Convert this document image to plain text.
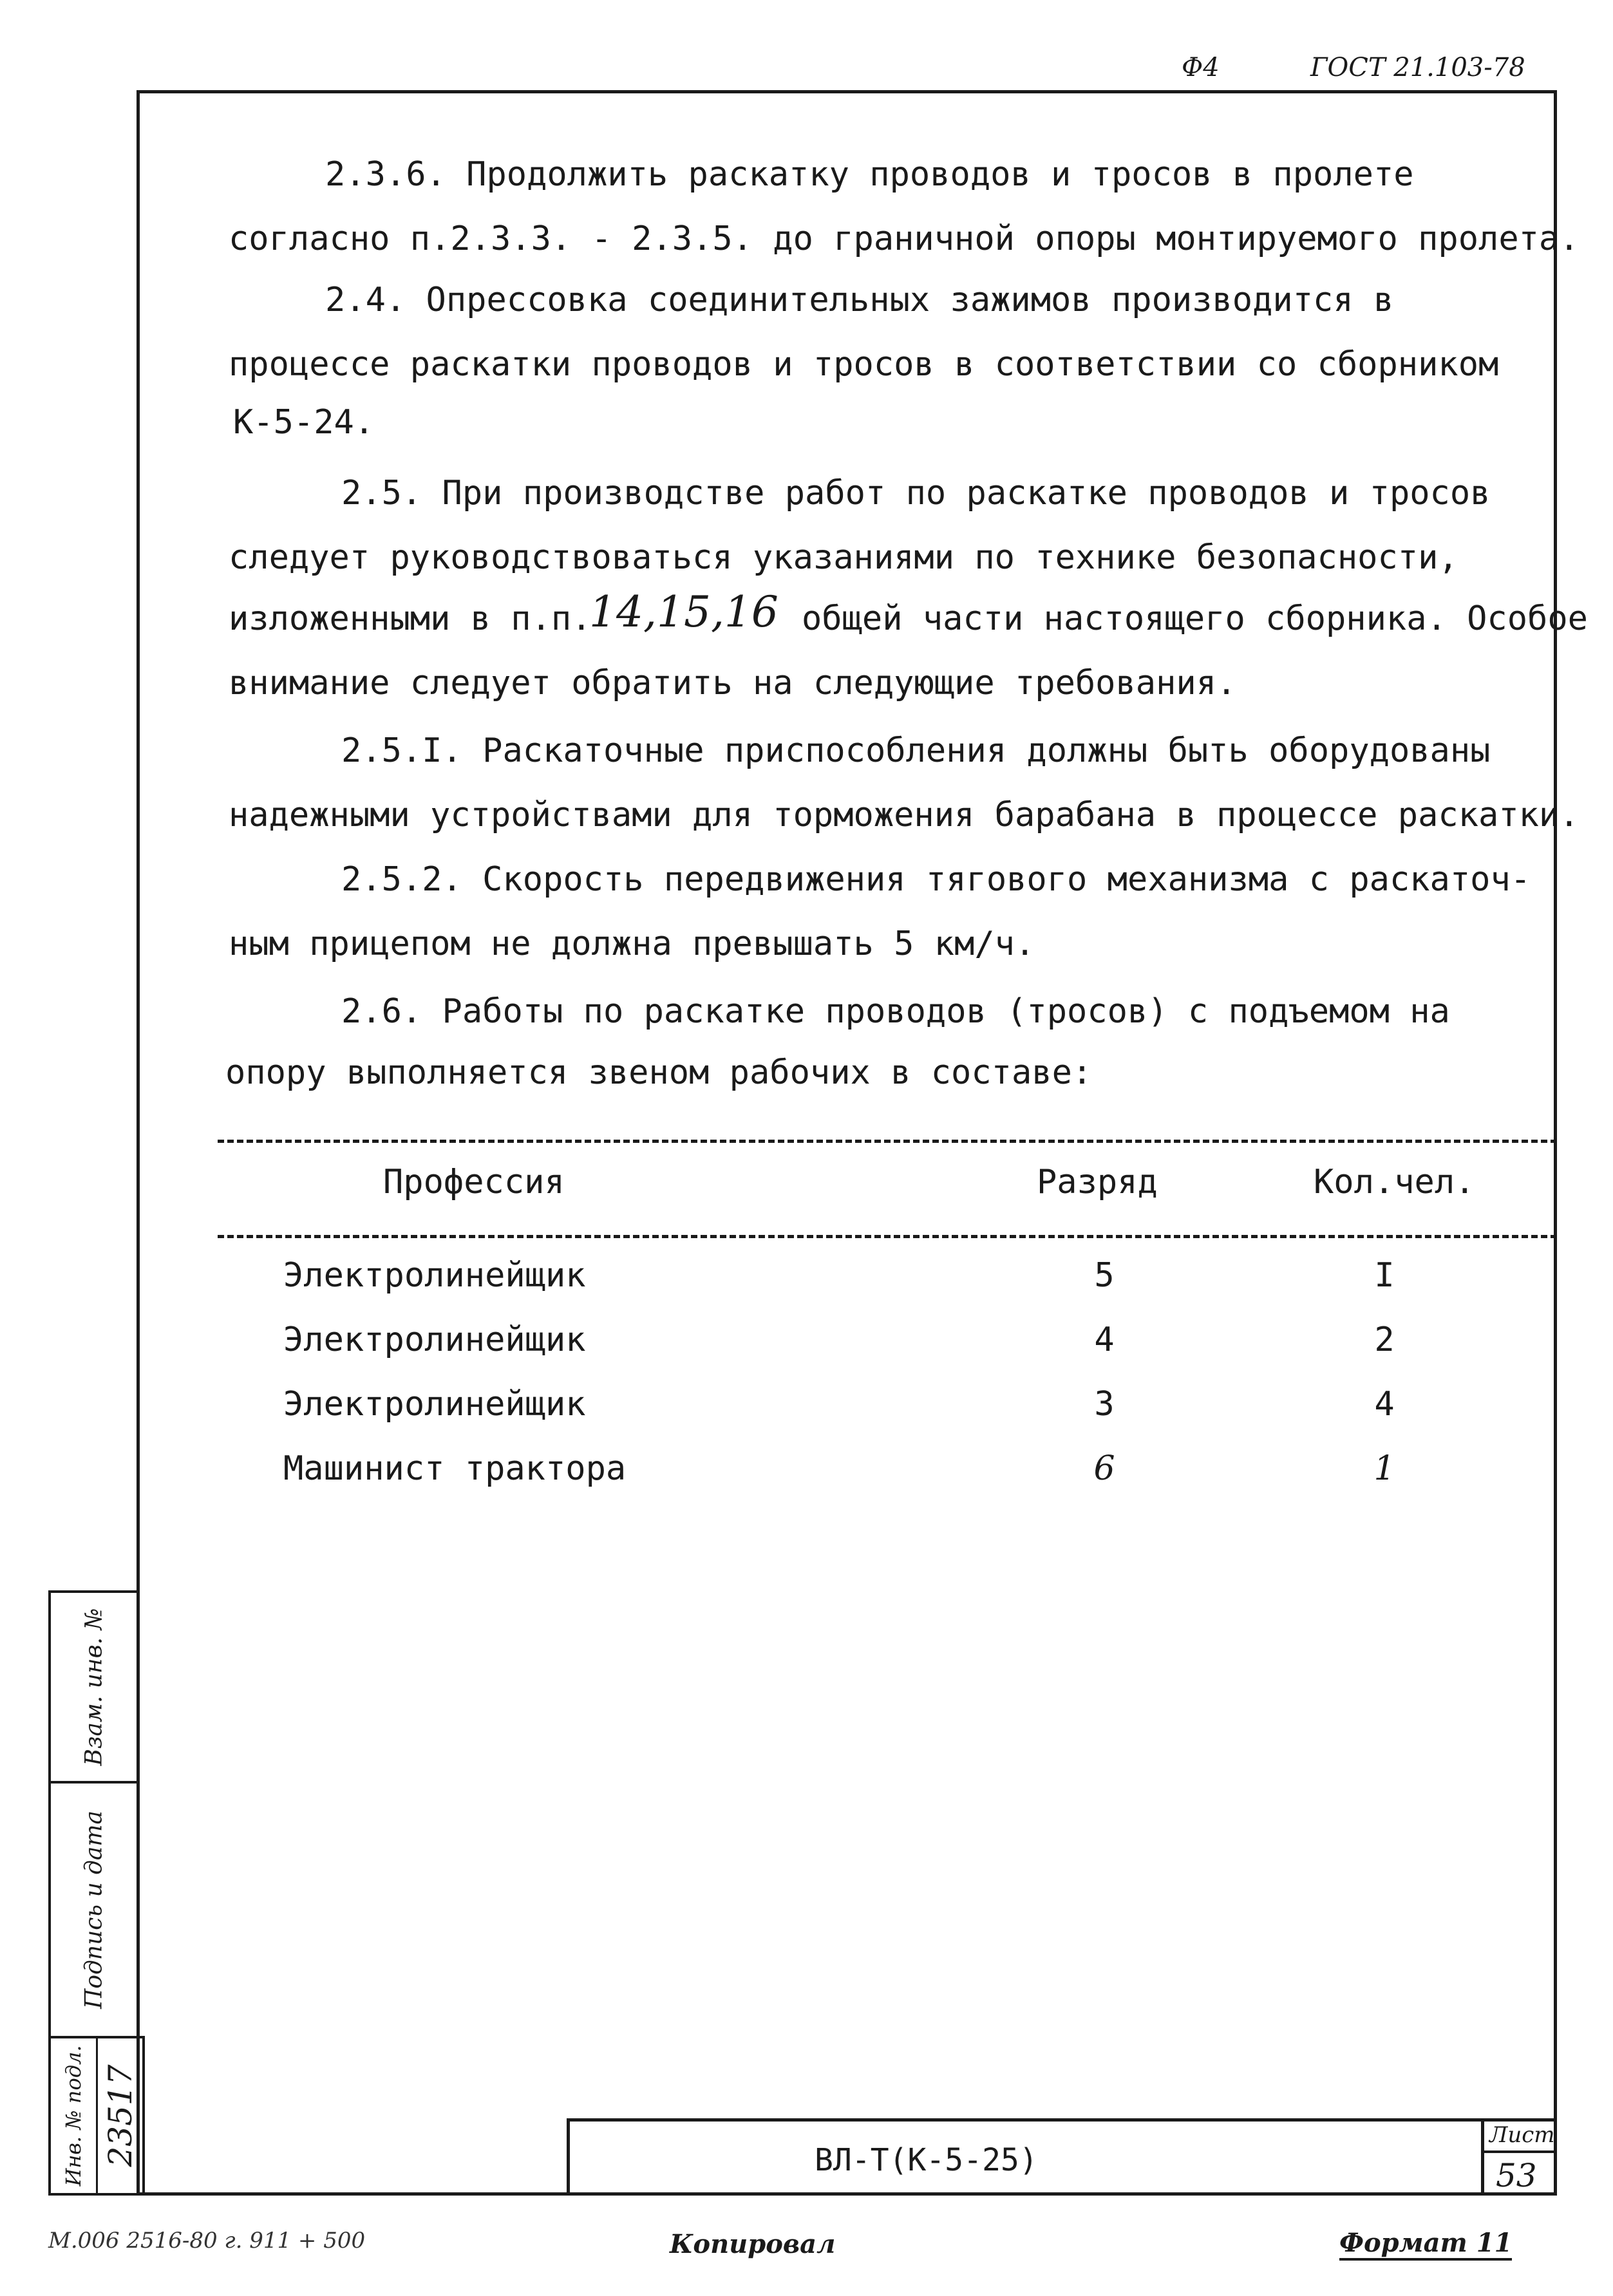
Ф4	ГОСТ 21.103-78
2.3.6. Продолжить раскатку проводов и тросов в пролете
согласно п.2.3.3. - 2.3.5. до граничной опоры монтируемого пролета.
2.4. Опрессовка соединительных зажимов производится в
процессе раскатки проводов и тросов в соответствии со сборником
К-5-24.
2.5. При производстве работ по раскатке проводов и тросов
следует руководствоваться указаниями по технике безопасности,
изложенными в п.п.
14,15,16 общей части настоящего сборника. Особое
внимание следует обратить на следующие требования.
2.5.I. Раскаточные приспособления должны быть оборудованы
надежными устройствами для торможения барабана в процессе раскатки.
2.5.2. Скорость передвижения тягового механизма с раскаточ-
ным прицепом не должна превышать 5 км/ч.
2.6. Работы по раскатке проводов (тросов) с подъемом на
опору выполняется звеном рабочих в составе:
Профессия	Разряд	Кол.чел.
Электролинейщик	5	I
Электролинейщик	4	2
Электролинейщик	3	4
Машинист трактора	6	1
Взам. инв. №
Подпись и дата
Инв. № подл. 23517	ВЛ-Т(К-5-25)
Лист
53
М.006 2516-80 г. 911 + 500	Копировал	Формат 11
